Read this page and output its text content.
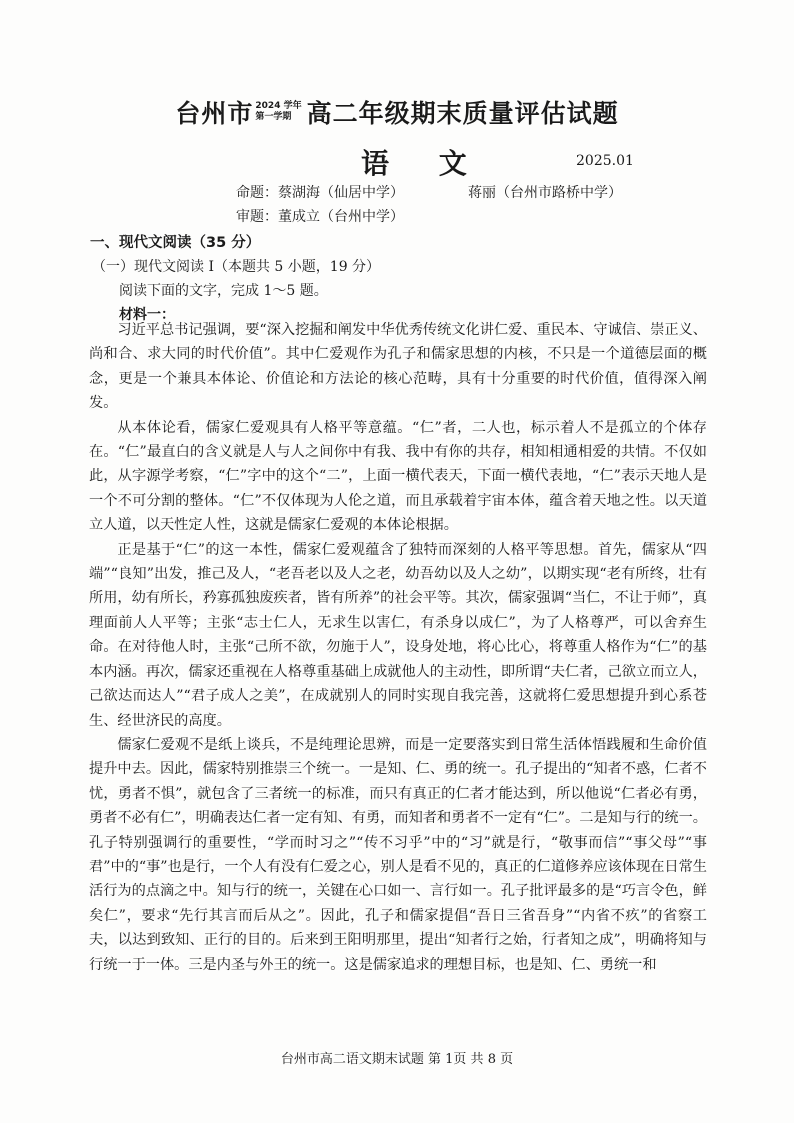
台州市 2024 学年
第一学期 高二年级期末质量评估试题
语 文	2025.01
命题：蔡湖海（仙居中学）	蒋丽（台州市路桥中学）
审题：董成立（台州中学）
一、现代文阅读（35 分）
（一）现代文阅读 I（本题共 5 小题，19 分）
阅读下面的文字，完成 1～5 题。
材料一：

习近平总书记强调，要“深入挖掘和阐发中华优秀传统文化讲仁爱、重民本、守诚信、崇正义、尚和合、求大同的时代价值”。其中仁爱观作为孔子和儒家思想的内核，不只是一个道德层面的概念，更是一个兼具本体论、价值论和方法论的核心范畴，具有十分重要的时代价值，值得深入阐发。

从本体论看，儒家仁爱观具有人格平等意蕴。“仁”者，二人也，标示着人不是孤立的个体存在。“仁”最直白的含义就是人与人之间你中有我、我中有你的共存，相知相通相爱的共情。不仅如此，从字源学考察，“仁”字中的这个“二”，上面一横代表天，下面一横代表地，“仁”表示天地人是一个不可分割的整体。“仁”不仅体现为人伦之道，而且承载着宇宙本体，蕴含着天地之性。以天道立人道，以天性定人性，这就是儒家仁爱观的本体论根据。

正是基于“仁”的这一本性，儒家仁爱观蕴含了独特而深刻的人格平等思想。首先，儒家从“四端”“良知”出发，推己及人，“老吾老以及人之老，幼吾幼以及人之幼”，以期实现“老有所终，壮有所用，幼有所长，矜寡孤独废疾者，皆有所养”的社会平等。其次，儒家强调“当仁，不让于师”，真理面前人人平等；主张“志士仁人，无求生以害仁，有杀身以成仁”，为了人格尊严，可以舍弃生命。在对待他人时，主张“己所不欲，勿施于人”，设身处地，将心比心，将尊重人格作为“仁”的基本内涵。再次，儒家还重视在人格尊重基础上成就他人的主动性，即所谓“夫仁者，己欲立而立人，己欲达而达人”“君子成人之美”，在成就别人的同时实现自我完善，这就将仁爱思想提升到心系苍生、经世济民的高度。

儒家仁爱观不是纸上谈兵，不是纯理论思辨，而是一定要落实到日常生活体悟践履和生命价值提升中去。因此，儒家特别推崇三个统一。一是知、仁、勇的统一。孔子提出的“知者不惑，仁者不忧，勇者不惧”，就包含了三者统一的标准，而只有真正的仁者才能达到，所以他说“仁者必有勇，勇者不必有仁”，明确表达仁者一定有知、有勇，而知者和勇者不一定有“仁”。二是知与行的统一。孔子特别强调行的重要性，“学而时习之”“传不习乎”中的“习”就是行，“敬事而信”“事父母”“事君”中的“事”也是行，一个人有没有仁爱之心，别人是看不见的，真正的仁道修养应该体现在日常生活行为的点滴之中。知与行的统一，关键在心口如一、言行如一。孔子批评最多的是“巧言令色，鲜矣仁”，要求“先行其言而后从之”。因此，孔子和儒家提倡“吾日三省吾身”“内省不疚”的省察工夫，以达到致知、正行的目的。后来到王阳明那里，提出“知者行之始，行者知之成”，明确将知与行统一于一体。三是内圣与外王的统一。这是儒家追求的理想目标，也是知、仁、勇统一和

台州市高二语文期末试题 第 1页 共 8 页
